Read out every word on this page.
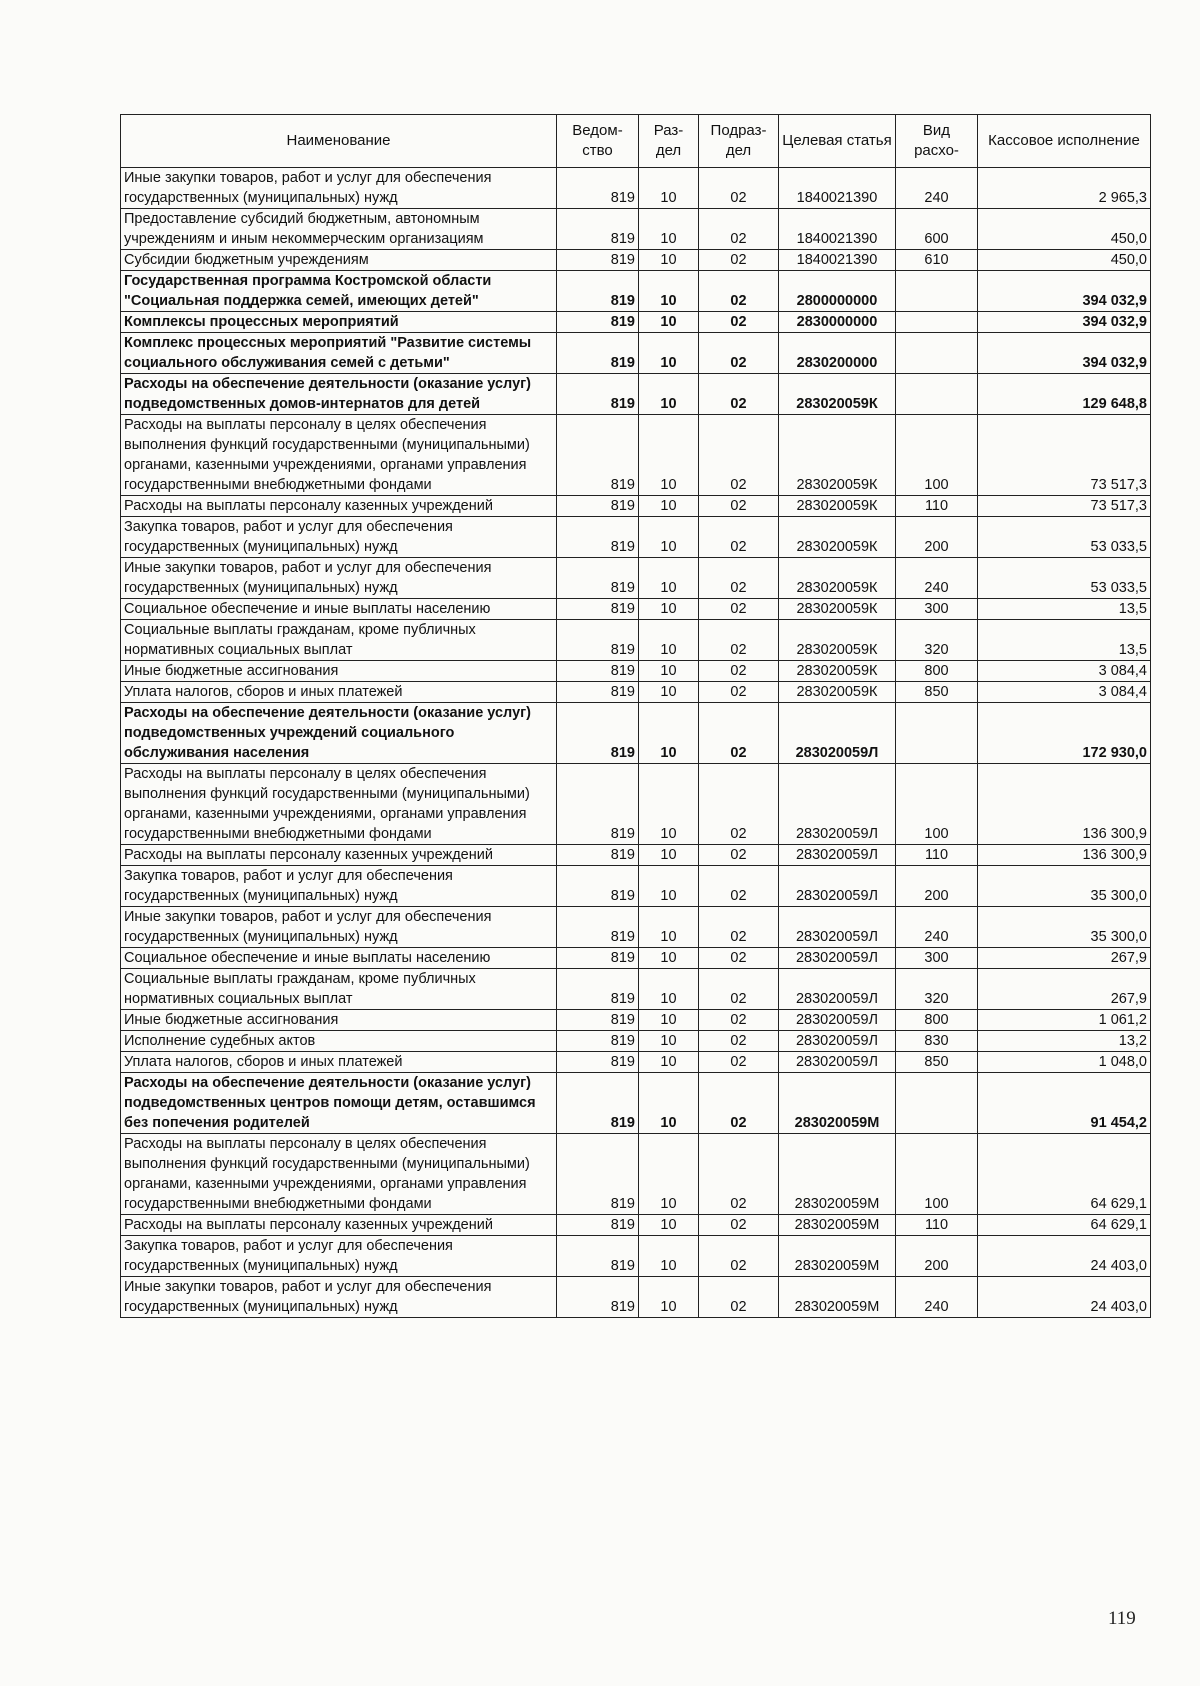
Наименование	Ведом-ство	Раз-дел	Подраз-дел	Целевая статья	Вид расхо-	Кассовое исполнение
Иные закупки товаров, работ и услуг для обеспечения государственных (муниципальных) нужд	819	10	02	1840021390	240	2 965,3
Предоставление субсидий бюджетным, автономным учреждениям и иным некоммерческим организациям	819	10	02	1840021390	600	450,0
Субсидии бюджетным учреждениям	819	10	02	1840021390	610	450,0
Государственная программа Костромской области "Социальная поддержка семей, имеющих детей"	819	10	02	2800000000		394 032,9
Комплексы процессных мероприятий	819	10	02	2830000000		394 032,9
Комплекс процессных мероприятий "Развитие системы социального обслуживания семей с детьми"	819	10	02	2830200000		394 032,9
Расходы на обеспечение деятельности (оказание услуг) подведомственных домов-интернатов для детей	819	10	02	283020059К		129 648,8
Расходы на выплаты персоналу в целях обеспечения выполнения функций государственными (муниципальными) органами, казенными учреждениями, органами управления государственными внебюджетными фондами	819	10	02	283020059К	100	73 517,3
Расходы на выплаты персоналу казенных учреждений	819	10	02	283020059К	110	73 517,3
Закупка товаров, работ и услуг для обеспечения государственных (муниципальных) нужд	819	10	02	283020059К	200	53 033,5
Иные закупки товаров, работ и услуг для обеспечения государственных (муниципальных) нужд	819	10	02	283020059К	240	53 033,5
Социальное обеспечение и иные выплаты населению	819	10	02	283020059К	300	13,5
Социальные выплаты гражданам, кроме публичных нормативных социальных выплат	819	10	02	283020059К	320	13,5
Иные бюджетные ассигнования	819	10	02	283020059К	800	3 084,4
Уплата налогов, сборов и иных платежей	819	10	02	283020059К	850	3 084,4
Расходы на обеспечение деятельности (оказание услуг) подведомственных учреждений социального обслуживания населения	819	10	02	283020059Л		172 930,0
Расходы на выплаты персоналу в целях обеспечения выполнения функций государственными (муниципальными) органами, казенными учреждениями, органами управления государственными внебюджетными фондами	819	10	02	283020059Л	100	136 300,9
Расходы на выплаты персоналу казенных учреждений	819	10	02	283020059Л	110	136 300,9
Закупка товаров, работ и услуг для обеспечения государственных (муниципальных) нужд	819	10	02	283020059Л	200	35 300,0
Иные закупки товаров, работ и услуг для обеспечения государственных (муниципальных) нужд	819	10	02	283020059Л	240	35 300,0
Социальное обеспечение и иные выплаты населению	819	10	02	283020059Л	300	267,9
Социальные выплаты гражданам, кроме публичных нормативных социальных выплат	819	10	02	283020059Л	320	267,9
Иные бюджетные ассигнования	819	10	02	283020059Л	800	1 061,2
Исполнение судебных актов	819	10	02	283020059Л	830	13,2
Уплата налогов, сборов и иных платежей	819	10	02	283020059Л	850	1 048,0
Расходы на обеспечение деятельности (оказание услуг) подведомственных центров помощи детям, оставшимся без попечения родителей	819	10	02	283020059М		91 454,2
Расходы на выплаты персоналу в целях обеспечения выполнения функций государственными (муниципальными) органами, казенными учреждениями, органами управления государственными внебюджетными фондами	819	10	02	283020059М	100	64 629,1
Расходы на выплаты персоналу казенных учреждений	819	10	02	283020059М	110	64 629,1
Закупка товаров, работ и услуг для обеспечения государственных (муниципальных) нужд	819	10	02	283020059М	200	24 403,0
Иные закупки товаров, работ и услуг для обеспечения государственных (муниципальных) нужд	819	10	02	283020059М	240	24 403,0
119
